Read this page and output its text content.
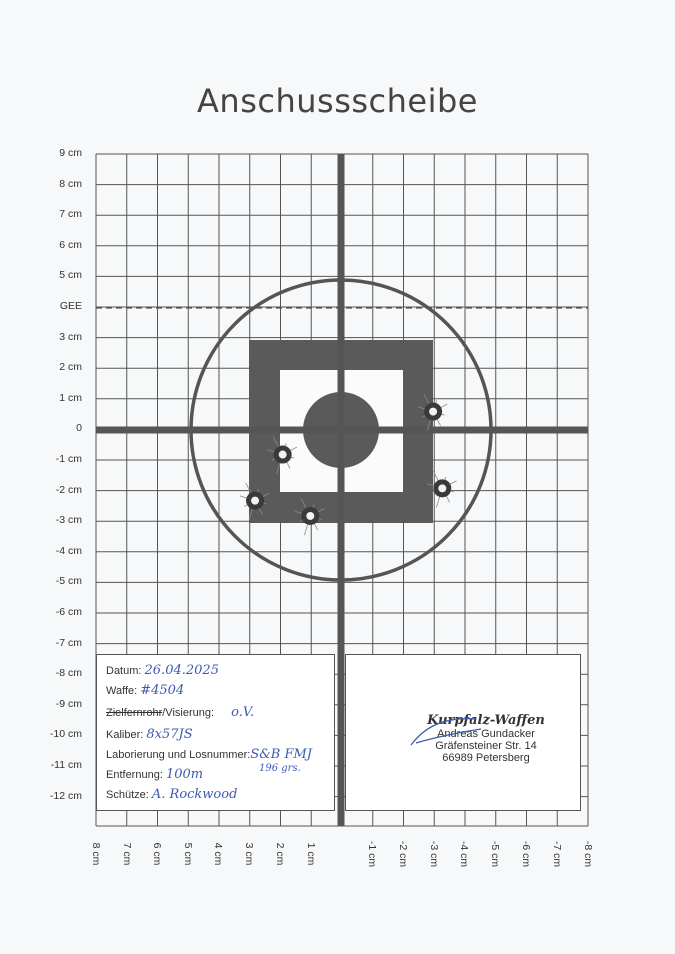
Anschussscheibe
9 cm
8 cm
7 cm
6 cm
5 cm
GEE
3 cm
2 cm
1 cm
0
-1 cm
-2 cm
-3 cm
-4 cm
-5 cm
-6 cm
-7 cm
-8 cm
-9 cm
-10 cm
-11 cm
-12 cm
8 cm 7 cm 6 cm 5 cm 4 cm 3 cm 2 cm 1 cm	-1 cm -2 cm -3 cm -4 cm -5 cm -6 cm -7 cm -8 cm
Datum: 26.04.2025
Waffe: #4504
Zielfernrohr/Visierung: o.V.
Kaliber: 8x57JS
Laborierung und Losnummer:S&B FMJ
196 grs.
Entfernung: 100m
Schütze: A. Rockwood
Kurpfalz-Waffen
Andreas Gundacker
Gräfensteiner Str. 14
66989 Petersberg
